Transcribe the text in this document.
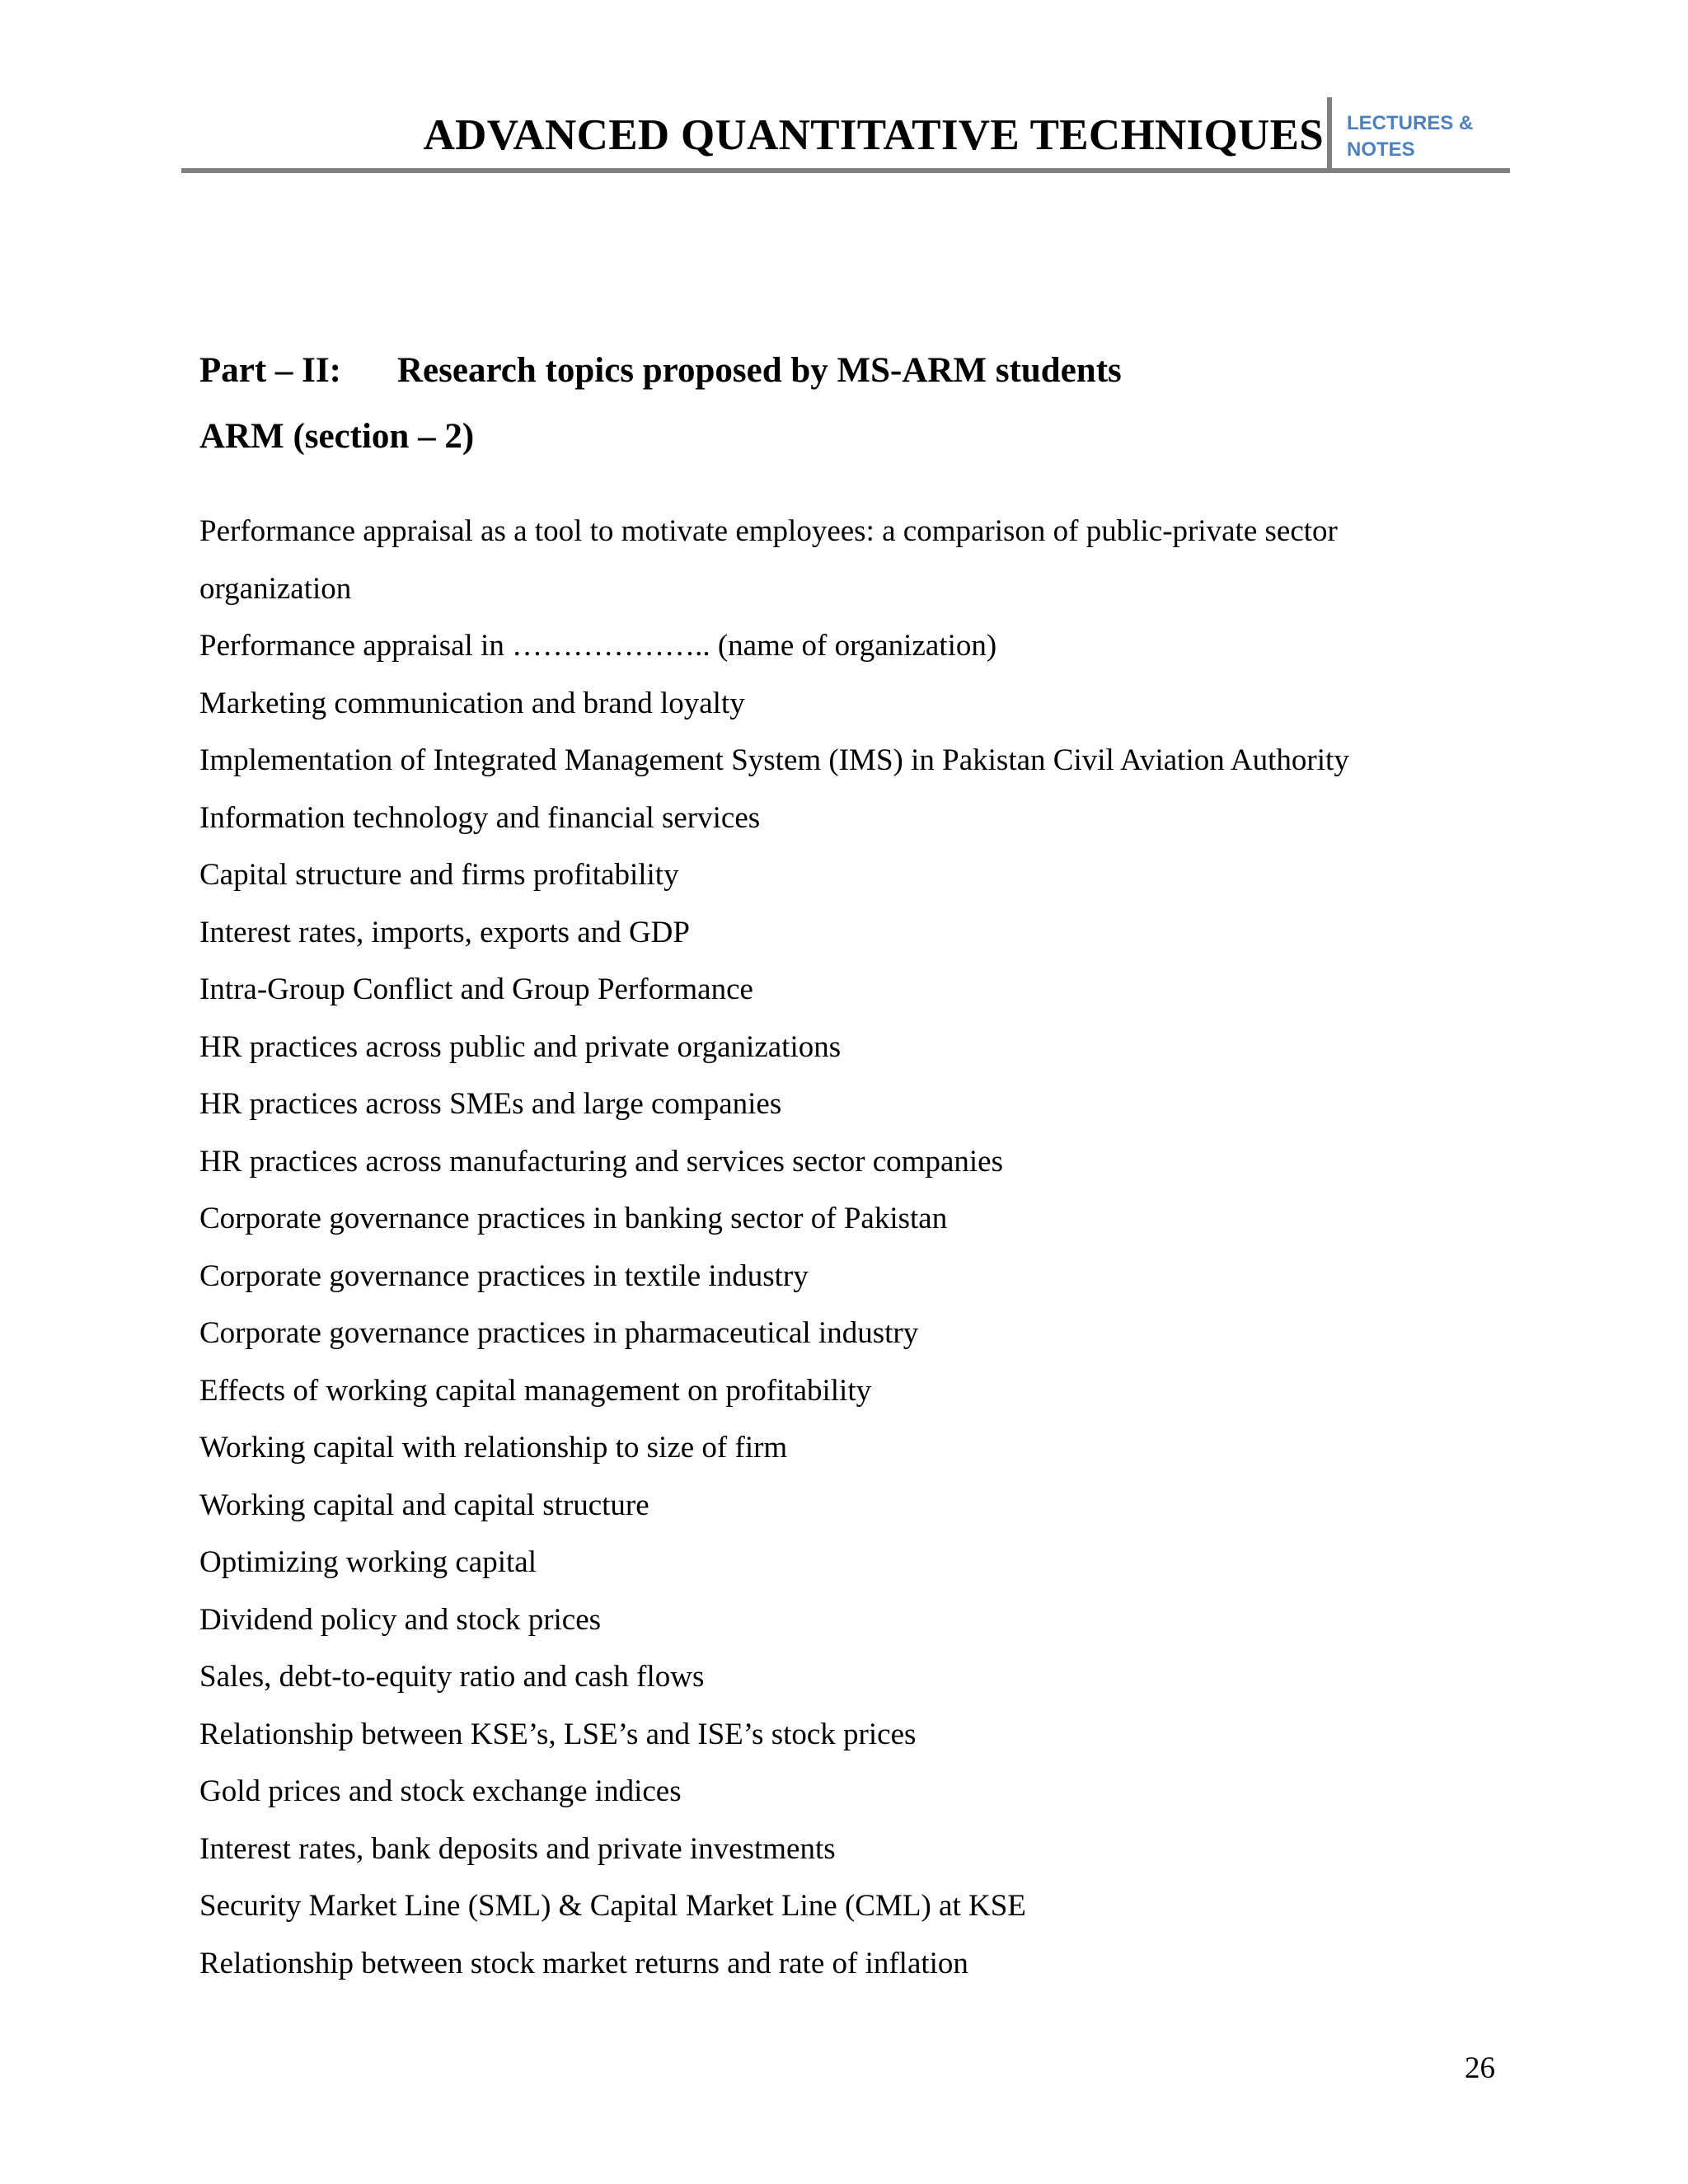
ADVANCED QUANTITATIVE TECHNIQUES LECTURES &
NOTES
Part – II: Research topics proposed by MS-ARM students
ARM (section – 2)
Performance appraisal as a tool to motivate employees: a comparison of public-private sector
organization
Performance appraisal in ……………….. (name of organization)
Marketing communication and brand loyalty
Implementation of Integrated Management System (IMS) in Pakistan Civil Aviation Authority
Information technology and financial services
Capital structure and firms profitability
Interest rates, imports, exports and GDP
Intra-Group Conflict and Group Performance
HR practices across public and private organizations
HR practices across SMEs and large companies
HR practices across manufacturing and services sector companies
Corporate governance practices in banking sector of Pakistan
Corporate governance practices in textile industry
Corporate governance practices in pharmaceutical industry
Effects of working capital management on profitability
Working capital with relationship to size of firm
Working capital and capital structure
Optimizing working capital
Dividend policy and stock prices
Sales, debt-to-equity ratio and cash flows
Relationship between KSE’s, LSE’s and ISE’s stock prices
Gold prices and stock exchange indices
Interest rates, bank deposits and private investments
Security Market Line (SML) & Capital Market Line (CML) at KSE
Relationship between stock market returns and rate of inflation
26
